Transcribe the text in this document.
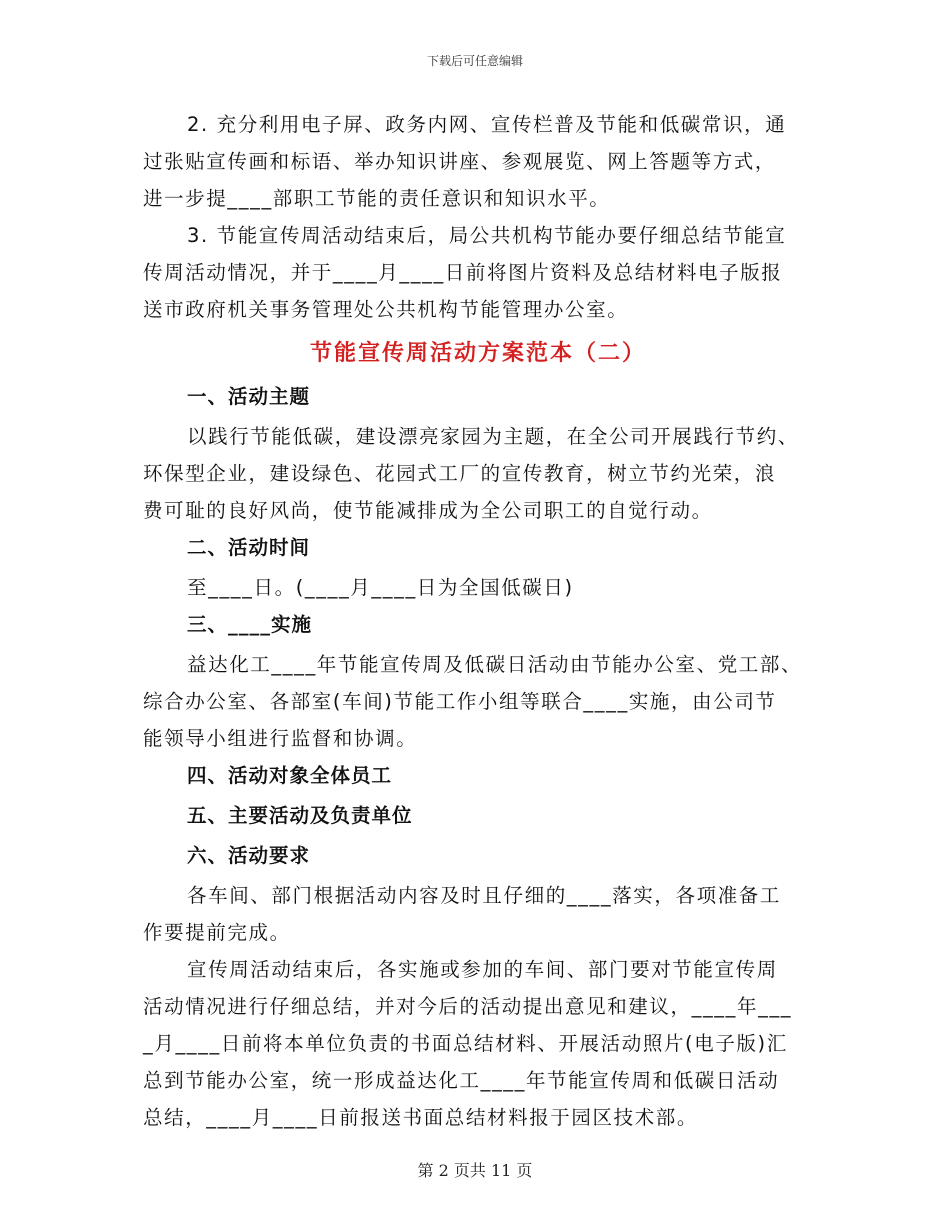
下载后可任意编辑
2. 充分利用电子屏、政务内网、宣传栏普及节能和低碳常识，通
过张贴宣传画和标语、举办知识讲座、参观展览、网上答题等方式，
进一步提____部职工节能的责任意识和知识水平。
3. 节能宣传周活动结束后，局公共机构节能办要仔细总结节能宣
传周活动情况，并于____月____日前将图片资料及总结材料电子版报
送市政府机关事务管理处公共机构节能管理办公室。
节能宣传周活动方案范本（二）
一、活动主题
以践行节能低碳，建设漂亮家园为主题，在全公司开展践行节约、
环保型企业，建设绿色、花园式工厂的宣传教育，树立节约光荣，浪
费可耻的良好风尚，使节能减排成为全公司职工的自觉行动。
二、活动时间
至____日。(____月____日为全国低碳日)
三、____实施
益达化工____年节能宣传周及低碳日活动由节能办公室、党工部、
综合办公室、各部室(车间)节能工作小组等联合____实施，由公司节
能领导小组进行监督和协调。
四、活动对象全体员工
五、主要活动及负责单位
六、活动要求
各车间、部门根据活动内容及时且仔细的____落实，各项准备工
作要提前完成。
宣传周活动结束后，各实施或参加的车间、部门要对节能宣传周
活动情况进行仔细总结，并对今后的活动提出意见和建议，____年___
_月____日前将本单位负责的书面总结材料、开展活动照片(电子版)汇
总到节能办公室，统一形成益达化工____年节能宣传周和低碳日活动
总结，____月____日前报送书面总结材料报于园区技术部。
第 2 页共 11 页
